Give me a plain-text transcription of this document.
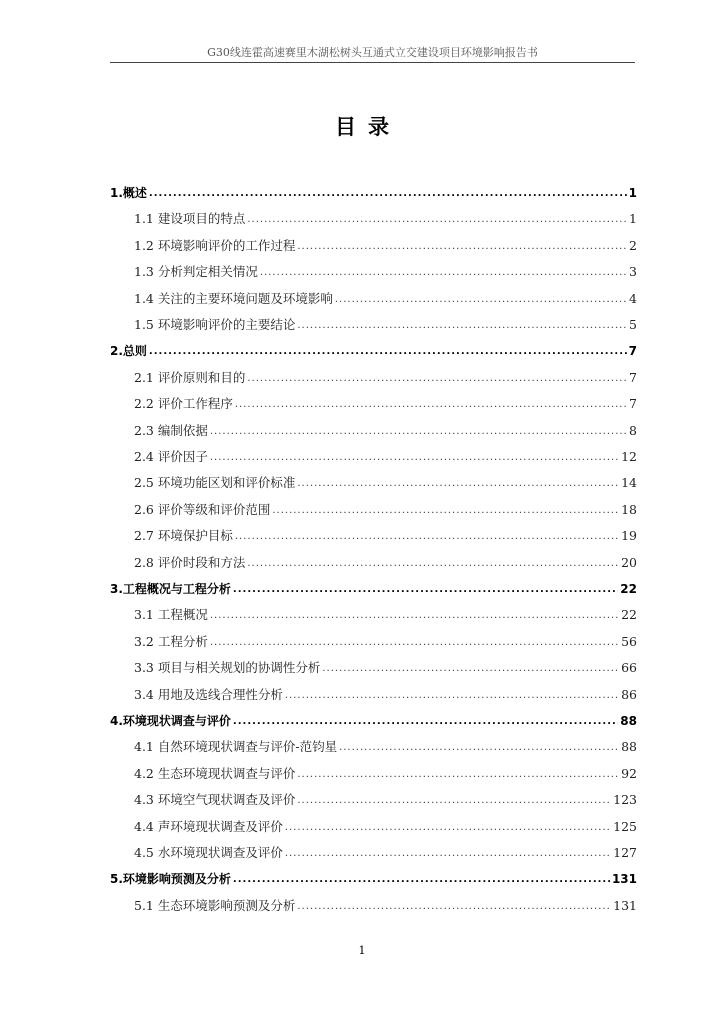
G30线连霍高速赛里木湖松树头互通式立交建设项目环境影响报告书
目录
1.概述 .....	1
1.1 建设项目的特点 .....	1
1.2 环境影响评价的工作过程 .....	2
1.3 分析判定相关情况 .....	3
1.4 关注的主要环境问题及环境影响 .....	4
1.5 环境影响评价的主要结论 .....	5
2.总则 .....	7
2.1 评价原则和目的 .....	7
2.2 评价工作程序 .....	7
2.3 编制依据 .....	8
2.4 评价因子 .....	12
2.5 环境功能区划和评价标准 .....	14
2.6 评价等级和评价范围 .....	18
2.7 环境保护目标 .....	19
2.8 评价时段和方法 .....	20
3.工程概况与工程分析 .....	22
3.1 工程概况 .....	22
3.2 工程分析 .....	56
3.3 项目与相关规划的协调性分析 .....	66
3.4 用地及选线合理性分析 .....	86
4.环境现状调查与评价 .....	88
4.1 自然环境现状调查与评价-范钧星 .....	88
4.2 生态环境现状调查与评价 .....	92
4.3 环境空气现状调查及评价 .....	123
4.4 声环境现状调查及评价 .....	125
4.5 水环境现状调查及评价 .....	127
5.环境影响预测及分析 .....	131
5.1 生态环境影响预测及分析 .....	131
1
